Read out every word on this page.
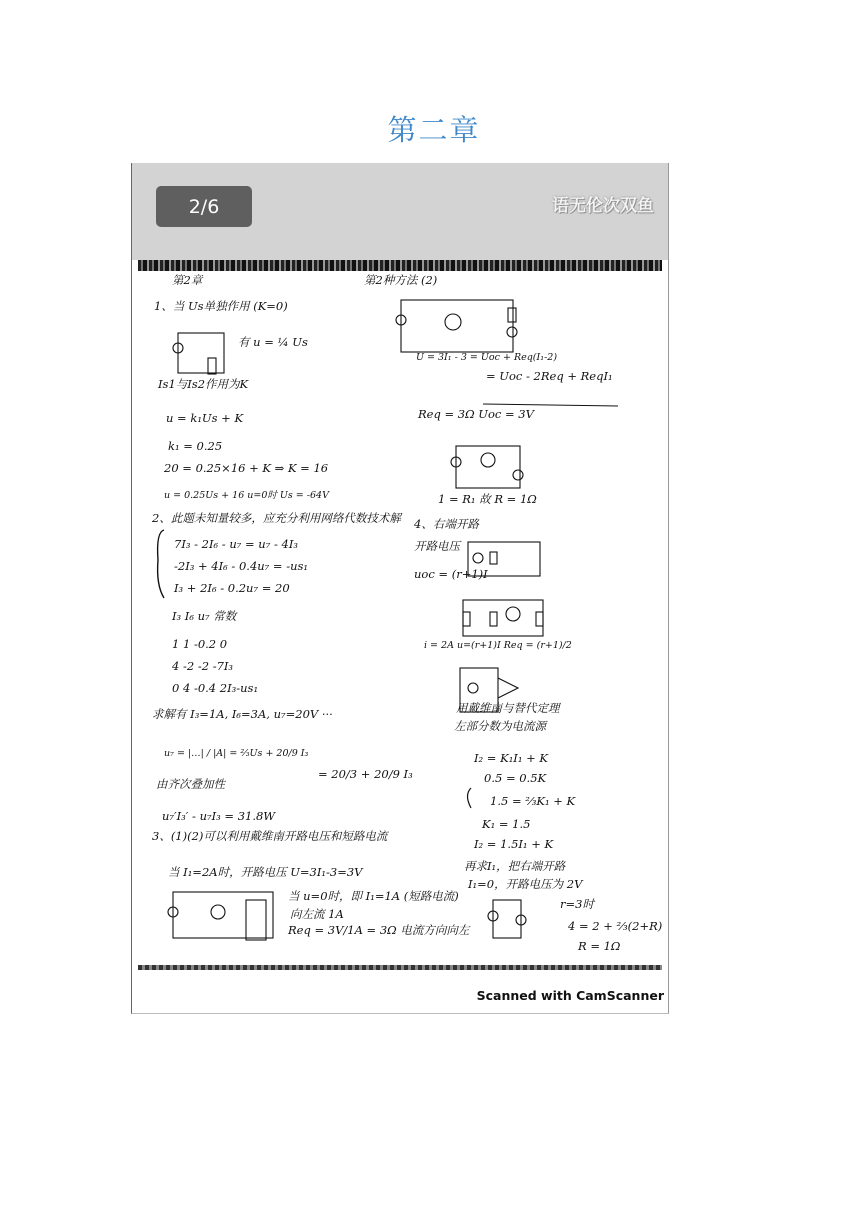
第二章
2/6	语无伦次双鱼
第2章
1、当 Us单独作用 (K=0)
有 u = ¼ Us
Is1与Is2作用为K
u = k₁Us + K
k₁ = 0.25
20 = 0.25×16 + K ⇒ K = 16
u = 0.25Us + 16 u=0时 Us = -64V
2、此题未知量较多，应充分利用网络代数技术解
7I₃ - 2I₆ - u₇ = u₇ - 4I₃
-2I₃ + 4I₆ - 0.4u₇ = -us₁
I₃ + 2I₆ - 0.2u₇ = 20
I₃ I₆ u₇ 常数
1 1 -0.2 0
4 -2 -2 -7I₃
0 4 -0.4 2I₃-us₁
求解有 I₃=1A, I₆=3A, u₇=20V ···
u₇ = |…| / |A| = ⅔Us + 20/9 I₃
= 20/3 + 20/9 I₃
由齐次叠加性
u₇′I₃′ - u₇I₃ = 31.8W
3、(1)(2)可以利用戴维南开路电压和短路电流
当 I₁=2A时，开路电压 U=3I₁-3=3V
当 u=0时，即 I₁=1A (短路电流)
向左流 1A
Req = 3V/1A = 3Ω 电流方向向左
第2种方法 (2)
U = 3I₁ - 3 = Uoc + Req(I₁-2)
= Uoc - 2Req + ReqI₁
Req = 3Ω Uoc = 3V
1 = R₁ 故 R = 1Ω
4、右端开路
开路电压
uoc = (r+1)I
i = 2A u=(r+1)I Req = (r+1)/2
用戴维南与替代定理
左部分数为电流源
I₂ = K₁I₁ + K
0.5 = 0.5K
1.5 = ⅔K₁ + K
K₁ = 1.5
I₂ = 1.5I₁ + K
再求I₁，把右端开路
I₁=0，开路电压为 2V
r=3时
4 = 2 + ⅔(2+R)
R = 1Ω
Scanned with CamScanner
